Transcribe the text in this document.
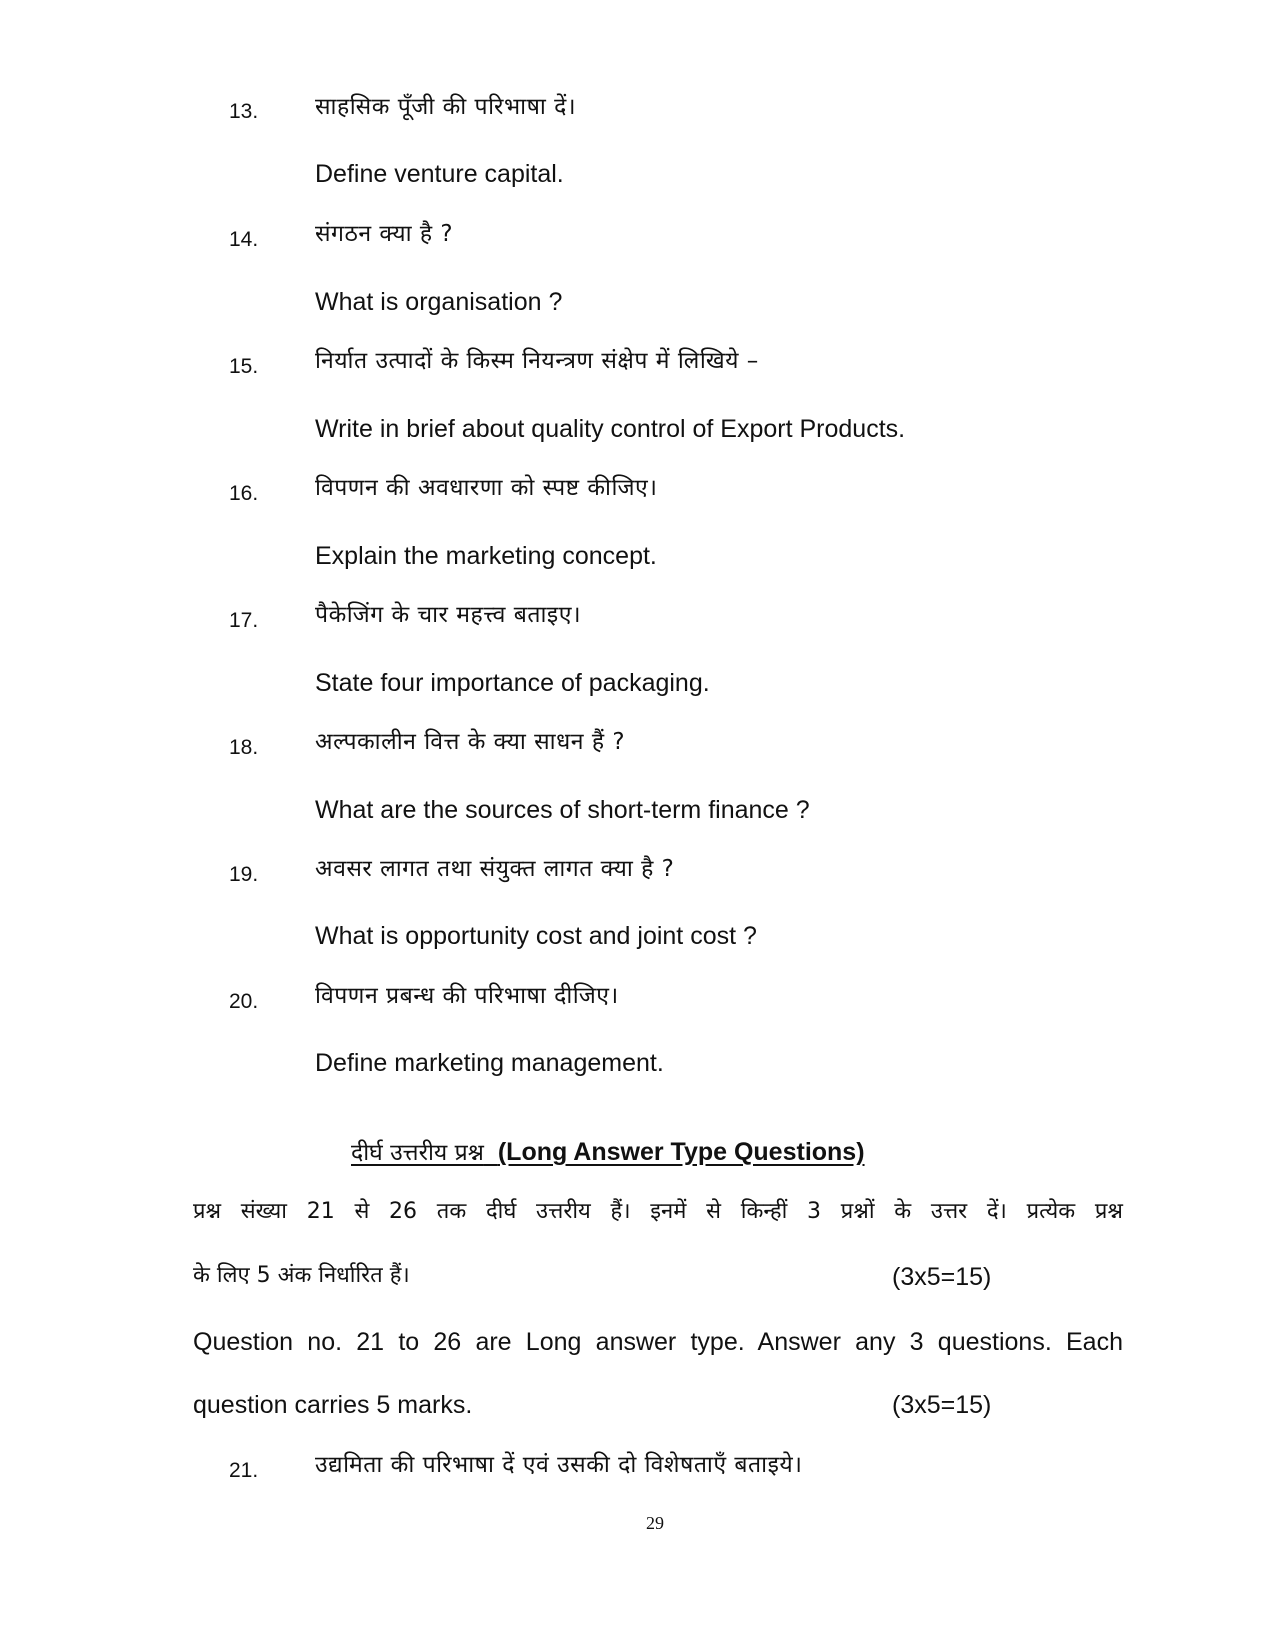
13. साहसिक पूँजी की परिभाषा दें।
Define venture capital.
14. संगठन क्या है ?
What is organisation ?
15. निर्यात उत्पादों के किस्म नियन्त्रण संक्षेप में लिखिये –
Write in brief about quality control of Export Products.
16. विपणन की अवधारणा को स्पष्ट कीजिए।
Explain the marketing concept.
17. पैकेजिंग के चार महत्त्व बताइए।
State four importance of packaging.
18. अल्पकालीन वित्त के क्या साधन हैं ?
What are the sources of short-term finance ?
19. अवसर लागत तथा संयुक्त लागत क्या है ?
What is opportunity cost and joint cost ?
20. विपणन प्रबन्ध की परिभाषा दीजिए।
Define marketing management.
दीर्घ उत्तरीय प्रश्न (Long Answer Type Questions)
प्रश्न संख्या 21 से 26 तक दीर्घ उत्तरीय हैं। इनमें से किन्हीं 3 प्रश्नों के उत्तर दें। प्रत्येक प्रश्न
के लिए 5 अंक निर्धारित हैं।	(3x5=15)
Question no. 21 to 26 are Long answer type. Answer any 3 questions. Each
question carries 5 marks.	(3x5=15)
21. उद्यमिता की परिभाषा दें एवं उसकी दो विशेषताएँ बताइये।
29
